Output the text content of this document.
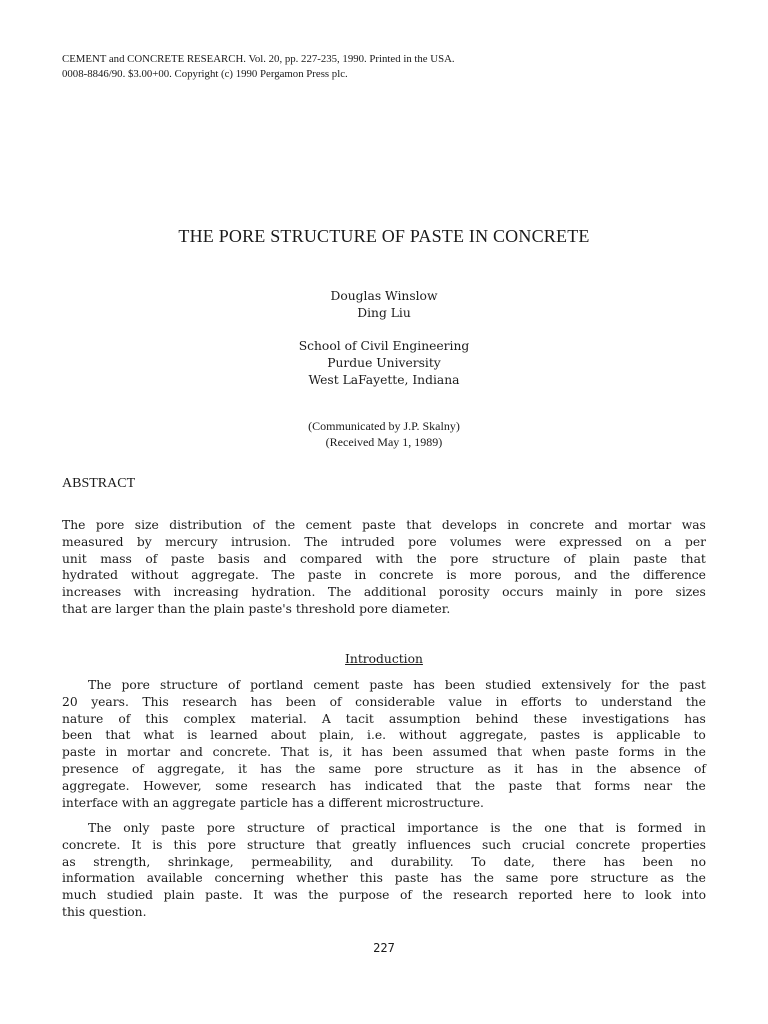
CEMENT and CONCRETE RESEARCH. Vol. 20, pp. 227-235, 1990. Printed in the USA.
0008-8846/90. $3.00+00. Copyright (c) 1990 Pergamon Press plc.
THE PORE STRUCTURE OF PASTE IN CONCRETE
Douglas Winslow
Ding Liu
School of Civil Engineering
Purdue University
West LaFayette, Indiana
(Communicated by J.P. Skalny)
(Received May 1, 1989)
ABSTRACT
The pore size distribution of the cement paste that develops in concrete and mortar was
measured by mercury intrusion. The intruded pore volumes were expressed on a per
unit mass of paste basis and compared with the pore structure of plain paste that
hydrated without aggregate. The paste in concrete is more porous, and the difference
increases with increasing hydration. The additional porosity occurs mainly in pore sizes
that are larger than the plain paste's threshold pore diameter.
Introduction
The pore structure of portland cement paste has been studied extensively for the past
20 years. This research has been of considerable value in efforts to understand the
nature of this complex material. A tacit assumption behind these investigations has
been that what is learned about plain, i.e. without aggregate, pastes is applicable to
paste in mortar and concrete. That is, it has been assumed that when paste forms in the
presence of aggregate, it has the same pore structure as it has in the absence of
aggregate. However, some research has indicated that the paste that forms near the
interface with an aggregate particle has a different microstructure.
The only paste pore structure of practical importance is the one that is formed in
concrete. It is this pore structure that greatly influences such crucial concrete properties
as strength, shrinkage, permeability, and durability. To date, there has been no
information available concerning whether this paste has the same pore structure as the
much studied plain paste. It was the purpose of the research reported here to look into
this question.
227
